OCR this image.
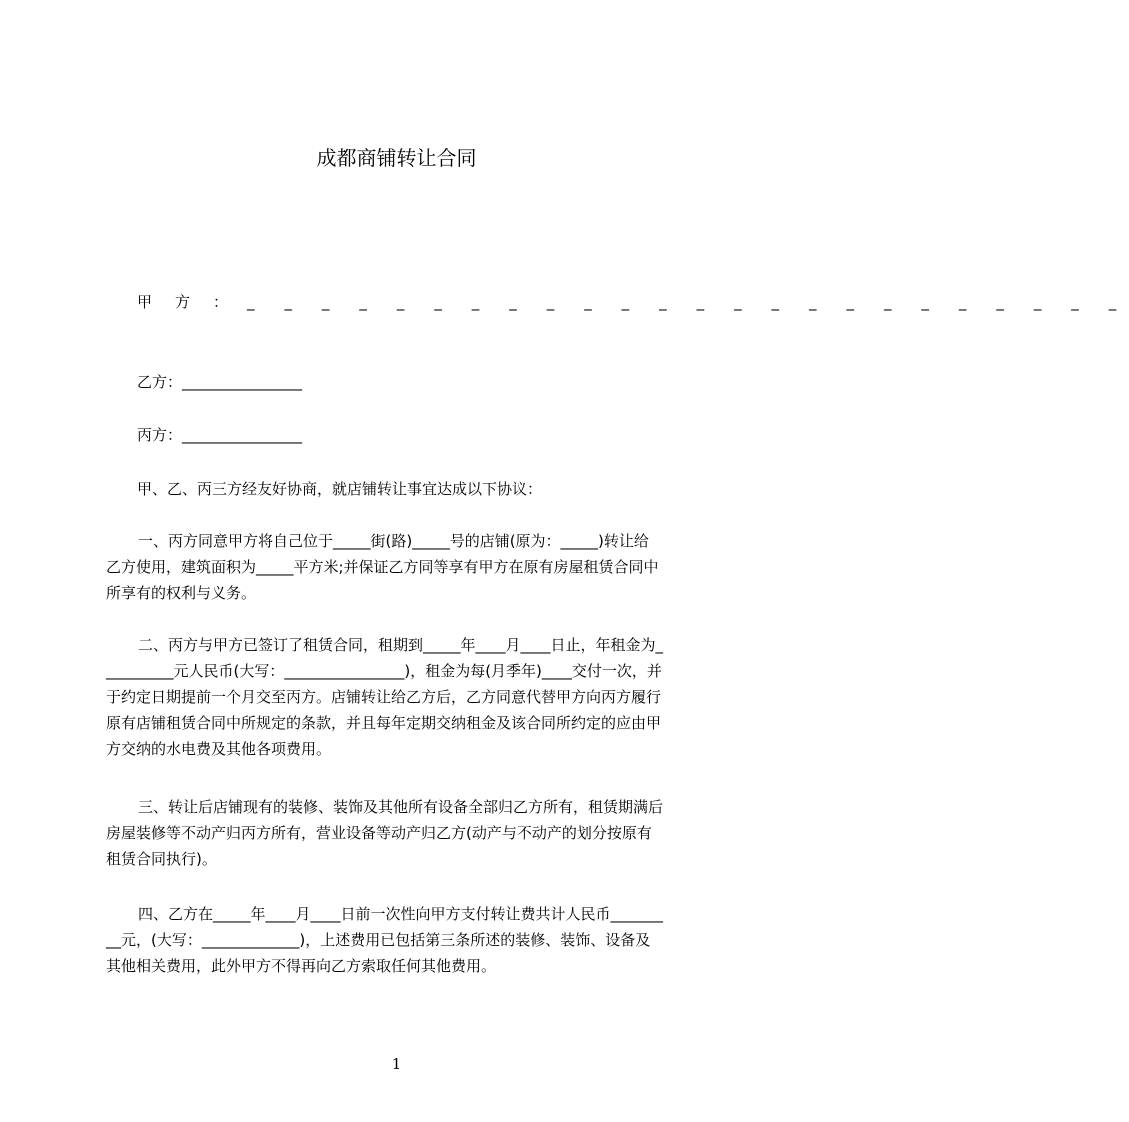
成都商铺转让合同
甲 方 ： _ _ _ _ _ _ _ _ _ _ _ _ _ _ _ _ _ _ _ _ _ _ _ _
乙方：________________
丙方：________________
甲、乙、丙三方经友好协商，就店铺转让事宜达成以下协议：
一、丙方同意甲方将自己位于_____街(路)_____号的店铺(原为：_____)转让给
乙方使用，建筑面积为_____平方米;并保证乙方同等享有甲方在原有房屋租赁合同中
所享有的权利与义务。
二、丙方与甲方已签订了租赁合同，租期到_____年____月____日止，年租金为_
_________元人民币(大写：________________)，租金为每(月季年)____交付一次，并
于约定日期提前一个月交至丙方。店铺转让给乙方后，乙方同意代替甲方向丙方履行
原有店铺租赁合同中所规定的条款，并且每年定期交纳租金及该合同所约定的应由甲
方交纳的水电费及其他各项费用。
三、转让后店铺现有的装修、装饰及其他所有设备全部归乙方所有，租赁期满后
房屋装修等不动产归丙方所有，营业设备等动产归乙方(动产与不动产的划分按原有
租赁合同执行)。
四、乙方在_____年____月____日前一次性向甲方支付转让费共计人民币_______
__元，(大写：_____________)，上述费用已包括第三条所述的装修、装饰、设备及
其他相关费用，此外甲方不得再向乙方索取任何其他费用。
1
